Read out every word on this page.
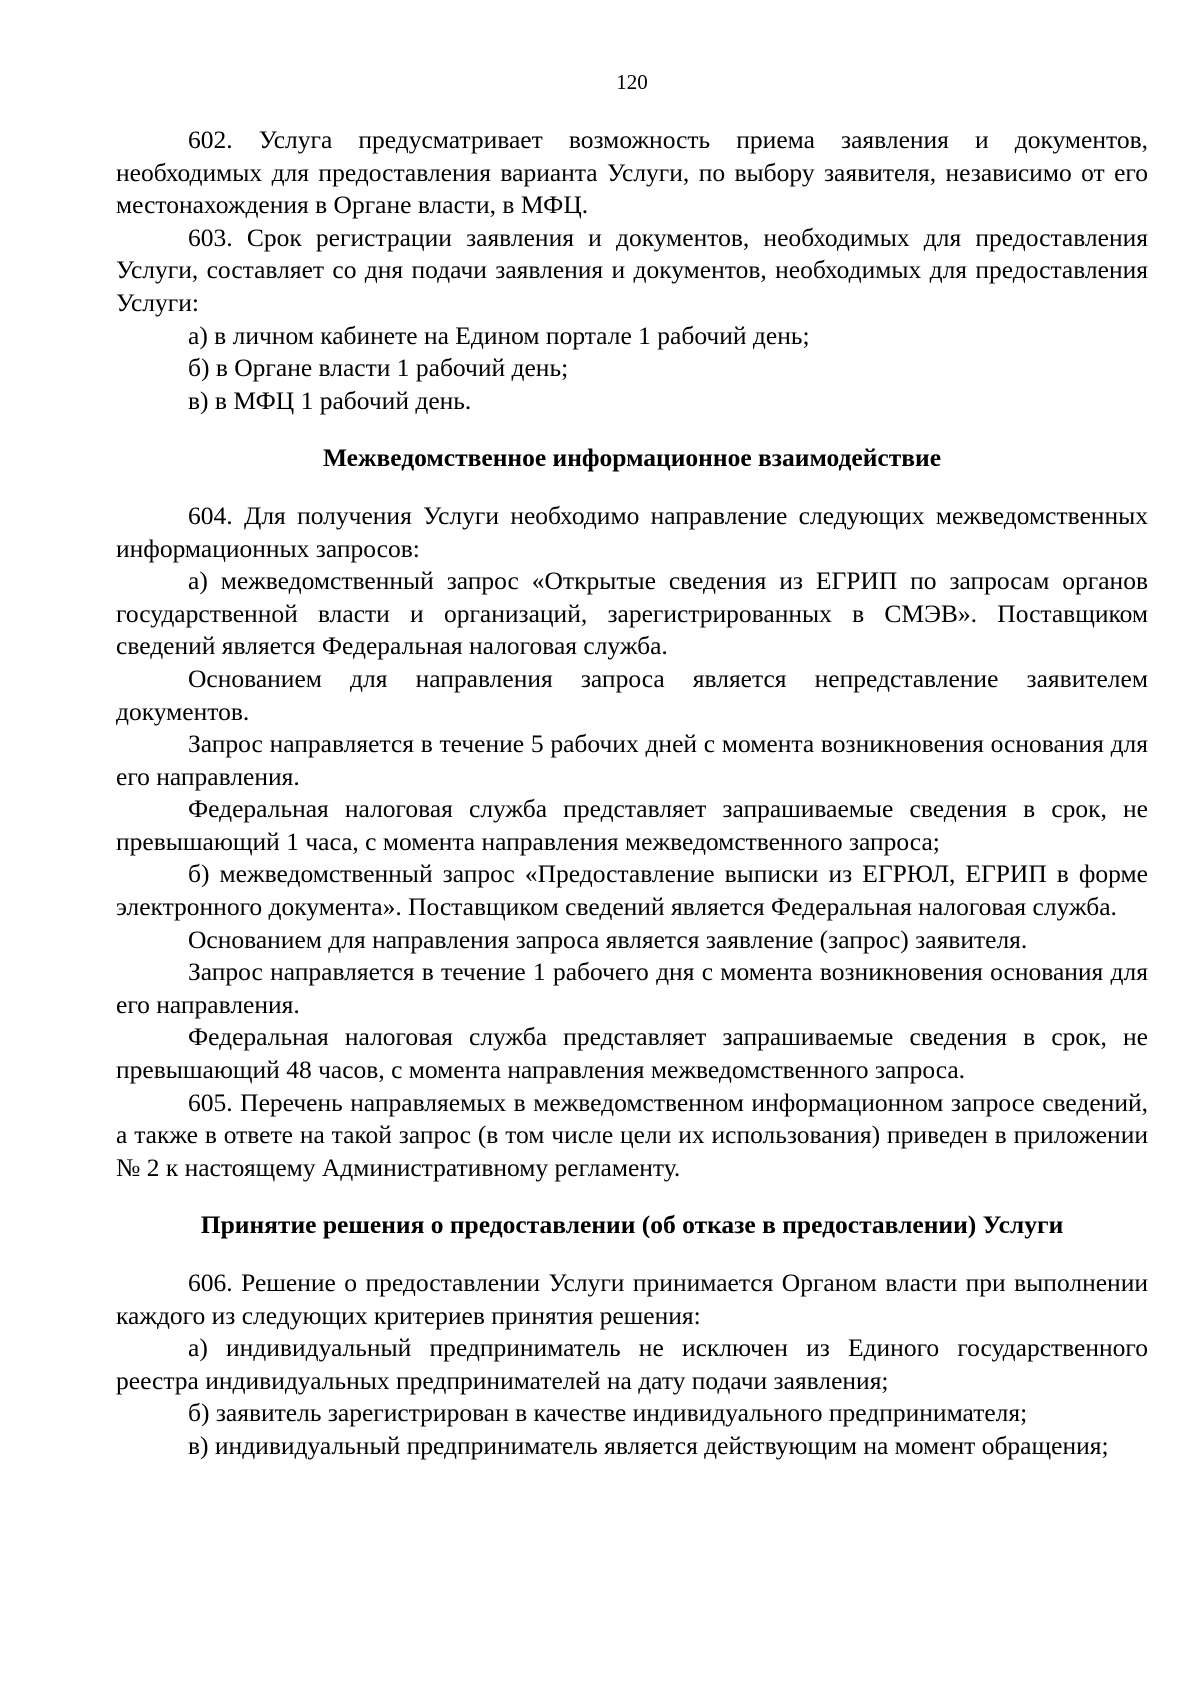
120

602. Услуга предусматривает возможность приема заявления и документов, необходимых для предоставления варианта Услуги, по выбору заявителя, независимо от его местонахождения в Органе власти, в МФЦ.

603. Срок регистрации заявления и документов, необходимых для предоставления Услуги, составляет со дня подачи заявления и документов, необходимых для предоставления Услуги:

а) в личном кабинете на Едином портале 1 рабочий день;

б) в Органе власти 1 рабочий день;

в) в МФЦ 1 рабочий день.

Межведомственное информационное взаимодействие

604. Для получения Услуги необходимо направление следующих межведомственных информационных запросов:

а) межведомственный запрос «Открытые сведения из ЕГРИП по запросам органов государственной власти и организаций, зарегистрированных в СМЭВ». Поставщиком сведений является Федеральная налоговая служба.

Основанием для направления запроса является непредставление заявителем документов.

Запрос направляется в течение 5 рабочих дней с момента возникновения основания для его направления.

Федеральная налоговая служба представляет запрашиваемые сведения в срок, не превышающий 1 часа, с момента направления межведомственного запроса;

б) межведомственный запрос «Предоставление выписки из ЕГРЮЛ, ЕГРИП в форме электронного документа». Поставщиком сведений является Федеральная налоговая служба.

Основанием для направления запроса является заявление (запрос) заявителя.

Запрос направляется в течение 1 рабочего дня с момента возникновения основания для его направления.

Федеральная налоговая служба представляет запрашиваемые сведения в срок, не превышающий 48 часов, с момента направления межведомственного запроса.

605. Перечень направляемых в межведомственном информационном запросе сведений, а также в ответе на такой запрос (в том числе цели их использования) приведен в приложении № 2 к настоящему Административному регламенту.

Принятие решения о предоставлении (об отказе в предоставлении) Услуги

606. Решение о предоставлении Услуги принимается Органом власти при выполнении каждого из следующих критериев принятия решения:

а) индивидуальный предприниматель не исключен из Единого государственного реестра индивидуальных предпринимателей на дату подачи заявления;

б) заявитель зарегистрирован в качестве индивидуального предпринимателя;

в) индивидуальный предприниматель является действующим на момент обращения;
